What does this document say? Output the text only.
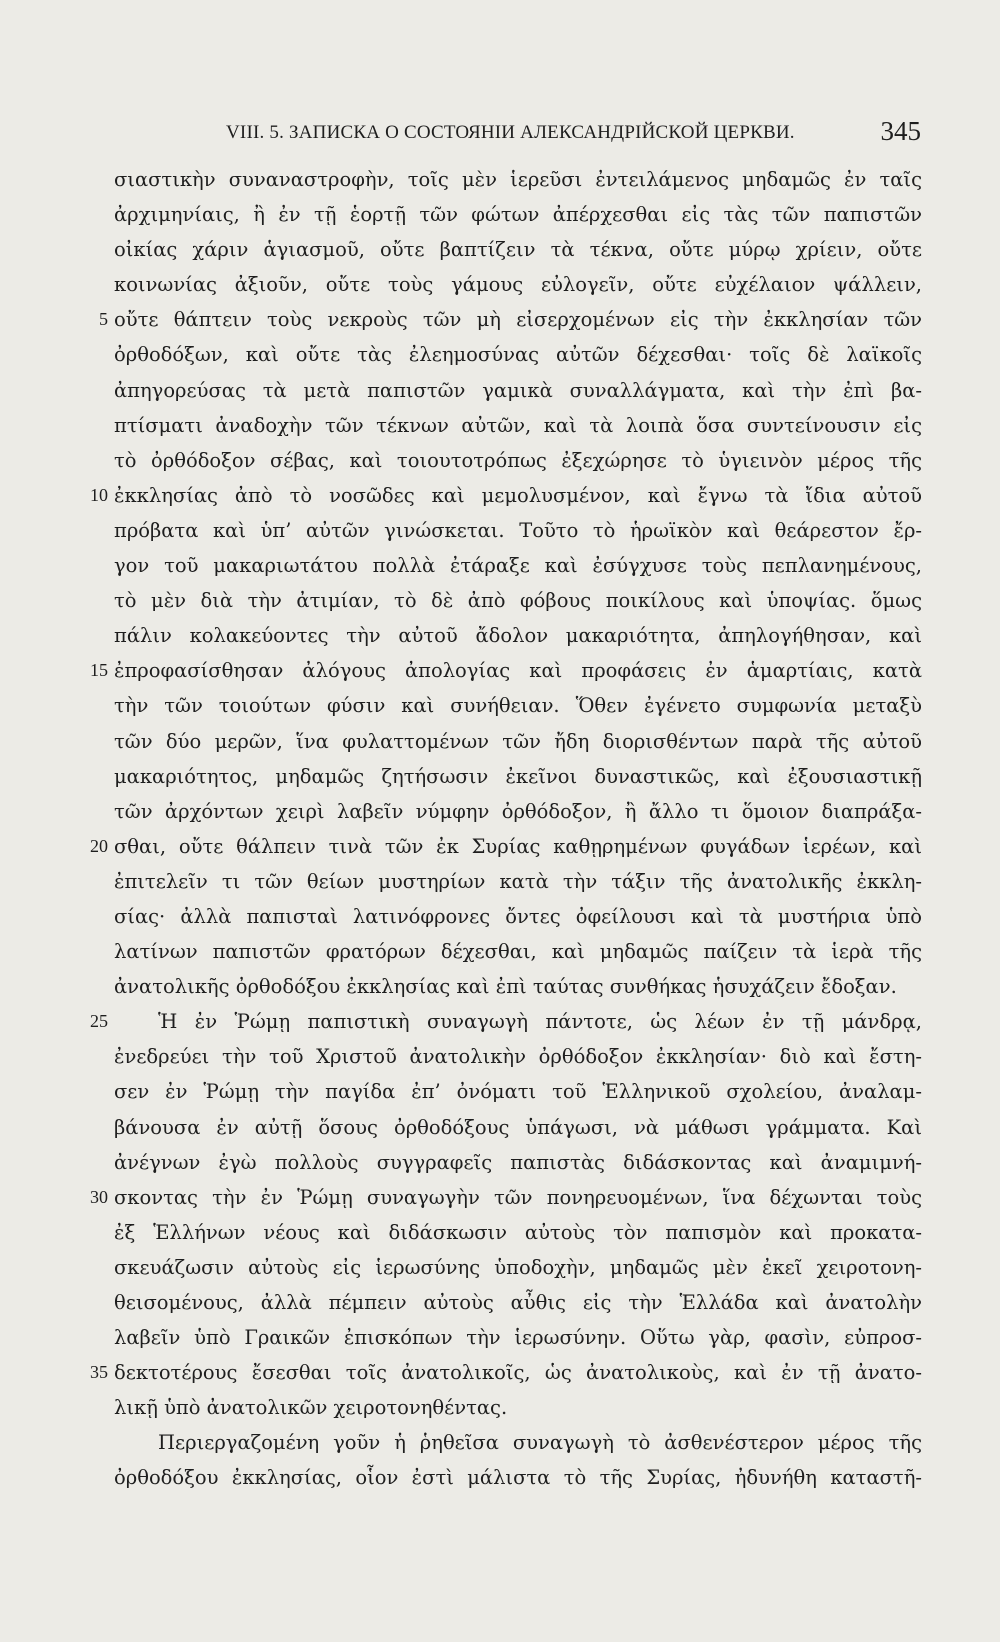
VIII. 5. ЗАПИСКА О СОСТОЯНІИ АЛЕКСАНДРІЙСКОЙ ЦЕРКВИ.	345
σιαστικὴν συναναστροφὴν, τοῖς μὲν ἱερεῦσι ἐντειλάμενος μηδαμῶς ἐν ταῖς
ἀρχιμηνίαις, ἢ ἐν τῇ ἑορτῇ τῶν φώτων ἀπέρχεσθαι εἰς τὰς τῶν παπιστῶν
οἰκίας χάριν ἁγιασμοῦ, οὔτε βαπτίζειν τὰ τέκνα, οὔτε μύρῳ χρίειν, οὔτε
κοινωνίας ἀξιοῦν, οὔτε τοὺς γάμους εὐλογεῖν, οὔτε εὐχέλαιον ψάλλειν,
5 οὔτε θάπτειν τοὺς νεκροὺς τῶν μὴ εἰσερχομένων εἰς τὴν ἐκκλησίαν τῶν
ὀρθοδόξων, καὶ οὔτε τὰς ἐλεημοσύνας αὐτῶν δέχεσθαι· τοῖς δὲ λαϊκοῖς
ἀπηγορεύσας τὰ μετὰ παπιστῶν γαμικὰ συναλλάγματα, καὶ τὴν ἐπὶ βα-
πτίσματι ἀναδοχὴν τῶν τέκνων αὐτῶν, καὶ τὰ λοιπὰ ὅσα συντείνουσιν εἰς
τὸ ὀρθόδοξον σέβας, καὶ τοιουτοτρόπως ἐξεχώρησε τὸ ὑγιεινὸν μέρος τῆς
10 ἐκκλησίας ἀπὸ τὸ νοσῶδες καὶ μεμολυσμένον, καὶ ἔγνω τὰ ἴδια αὐτοῦ
πρόβατα καὶ ὑπ’ αὐτῶν γινώσκεται. Τοῦτο τὸ ἡρωϊκὸν καὶ θεάρεστον ἔρ-
γον τοῦ μακαριωτάτου πολλὰ ἐτάραξε καὶ ἐσύγχυσε τοὺς πεπλανημένους,
τὸ μὲν διὰ τὴν ἀτιμίαν, τὸ δὲ ἀπὸ φόβους ποικίλους καὶ ὑποψίας. ὅμως
πάλιν κολακεύοντες τὴν αὐτοῦ ἄδολον μακαριότητα, ἀπηλογήθησαν, καὶ
15 ἐπροφασίσθησαν ἀλόγους ἀπολογίας καὶ προφάσεις ἐν ἁμαρτίαις, κατὰ
τὴν τῶν τοιούτων φύσιν καὶ συνήθειαν. Ὅθεν ἐγένετο συμφωνία μεταξὺ
τῶν δύο μερῶν, ἵνα φυλαττομένων τῶν ἤδη διορισθέντων παρὰ τῆς αὐτοῦ
μακαριότητος, μηδαμῶς ζητήσωσιν ἐκεῖνοι δυναστικῶς, καὶ ἐξουσιαστικῇ
τῶν ἀρχόντων χειρὶ λαβεῖν νύμφην ὀρθόδοξον, ἢ ἄλλο τι ὅμοιον διαπράξα-
20 σθαι, οὔτε θάλπειν τινὰ τῶν ἐκ Συρίας καθῃρημένων φυγάδων ἱερέων, καὶ
ἐπιτελεῖν τι τῶν θείων μυστηρίων κατὰ τὴν τάξιν τῆς ἀνατολικῆς ἐκκλη-
σίας· ἀλλὰ παπισταὶ λατινόφρονες ὄντες ὀφείλουσι καὶ τὰ μυστήρια ὑπὸ
λατίνων παπιστῶν φρατόρων δέχεσθαι, καὶ μηδαμῶς παίζειν τὰ ἱερὰ τῆς
ἀνατολικῆς ὀρθοδόξου ἐκκλησίας καὶ ἐπὶ ταύτας συνθήκας ἡσυχάζειν ἔδοξαν.
25	Ἡ ἐν Ῥώμῃ παπιστικὴ συναγωγὴ πάντοτε, ὡς λέων ἐν τῇ μάνδρᾳ,
ἐνεδρεύει τὴν τοῦ Χριστοῦ ἀνατολικὴν ὀρθόδοξον ἐκκλησίαν· διὸ καὶ ἔστη-
σεν ἐν Ῥώμῃ τὴν παγίδα ἐπ’ ὀνόματι τοῦ Ἑλληνικοῦ σχολείου, ἀναλαμ-
βάνουσα ἐν αὐτῇ ὅσους ὀρθοδόξους ὑπάγωσι, νὰ μάθωσι γράμματα. Καὶ
ἀνέγνων ἐγὼ πολλοὺς συγγραφεῖς παπιστὰς διδάσκοντας καὶ ἀναμιμνή-
30 σκοντας τὴν ἐν Ῥώμῃ συναγωγὴν τῶν πονηρευομένων, ἵνα δέχωνται τοὺς
ἐξ Ἑλλήνων νέους καὶ διδάσκωσιν αὐτοὺς τὸν παπισμὸν καὶ προκατα-
σκευάζωσιν αὐτοὺς εἰς ἱερωσύνης ὑποδοχὴν, μηδαμῶς μὲν ἐκεῖ χειροτονη-
θεισομένους, ἀλλὰ πέμπειν αὐτοὺς αὖθις εἰς τὴν Ἑλλάδα καὶ ἀνατολὴν
λαβεῖν ὑπὸ Γραικῶν ἐπισκόπων τὴν ἱερωσύνην. Οὕτω γὰρ, φασὶν, εὐπροσ-
35 δεκτοτέρους ἔσεσθαι τοῖς ἀνατολικοῖς, ὡς ἀνατολικοὺς, καὶ ἐν τῇ ἀνατο-
λικῇ ὑπὸ ἀνατολικῶν χειροτονηθέντας.
Περιεργαζομένη γοῦν ἡ ῥηθεῖσα συναγωγὴ τὸ ἀσθενέστερον μέρος τῆς
ὀρθοδόξου ἐκκλησίας, οἷον ἐστὶ μάλιστα τὸ τῆς Συρίας, ἠδυνήθη καταστῆ-
